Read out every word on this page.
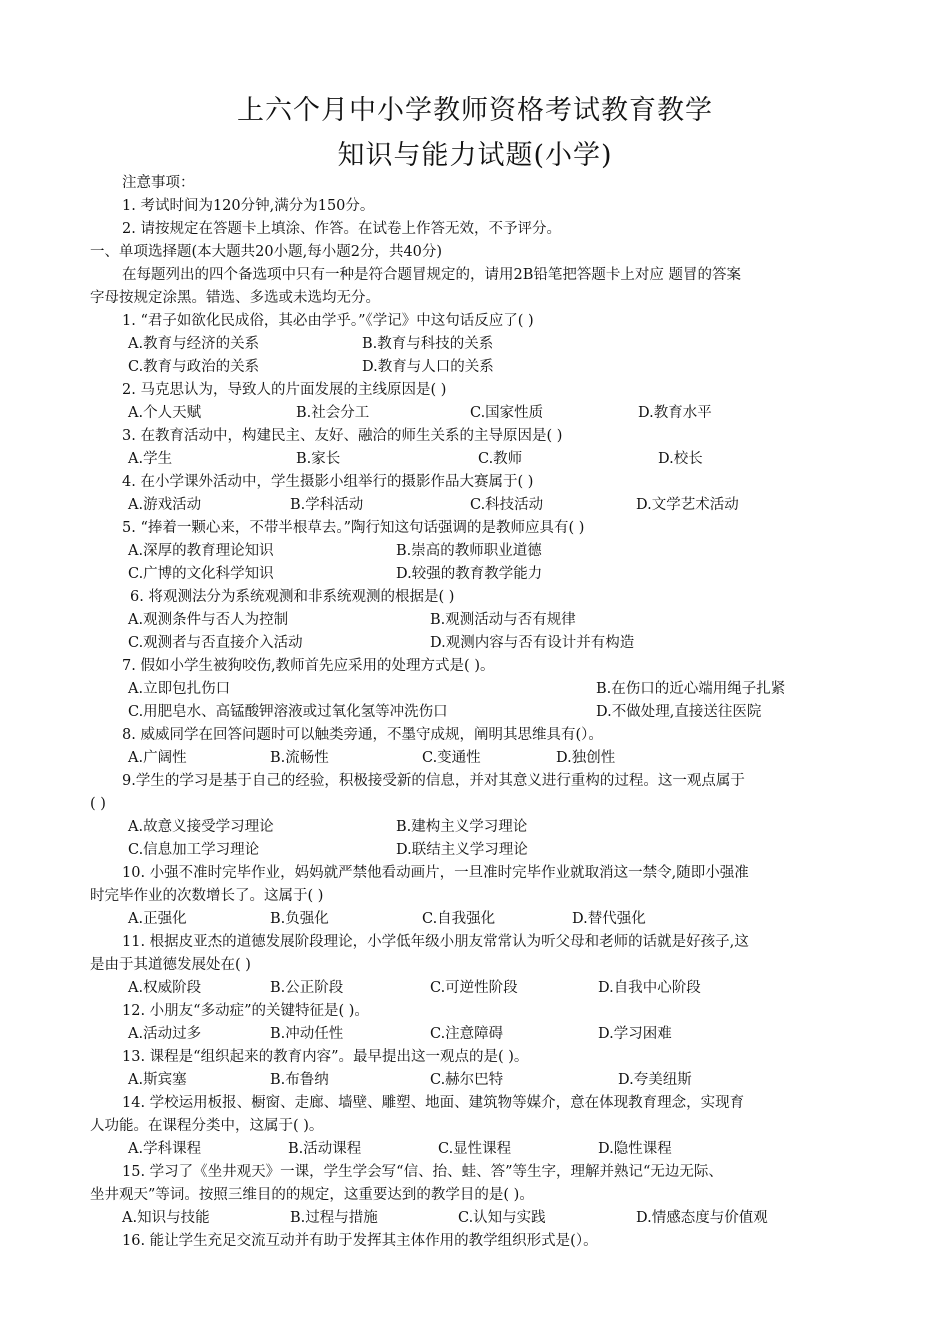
上六个月中小学教师资格考试教育教学
知识与能力试题(小学)
注意事项：
1. 考试时间为120分钟,满分为150分。
2. 请按规定在答题卡上填涂、作答。在试卷上作答无效，不予评分。
一、单项选择题(本大题共20小题,每小题2分，共40分)
在每题列出的四个备选项中只有一种是符合题冒规定的，请用2B铅笔把答题卡上对应 题冒的答案
字母按规定涂黑。错选、多选或未选均无分。
1. “君子如欲化民成俗，其必由学乎。”《学记》中这句话反应了( )
A.教育与经济的关系	B.教育与科技的关系
C.教育与政治的关系	D.教育与人口的关系
2. 马克思认为，导致人的片面发展的主线原因是( )
A.个人天赋	B.社会分工	C.国家性质	D.教育水平
3. 在教育活动中，构建民主、友好、融洽的师生关系的主导原因是( )
A.学生	B.家长	C.教师	D.校长
4. 在小学课外活动中，学生摄影小组举行的摄影作品大赛属于( )
A.游戏活动	B.学科活动	C.科技活动	D.文学艺术活动
5. “捧着一颗心来，不带半根草去。”陶行知这句话强调的是教师应具有( )
A.深厚的教育理论知识	B.崇高的教师职业道德
C.广博的文化科学知识	D.较强的教育教学能力
6. 将观测法分为系统观测和非系统观测的根据是( )
A.观测条件与否人为控制	B.观测活动与否有规律
C.观测者与否直接介入活动	D.观测内容与否有设计并有构造
7. 假如小学生被狗咬伤,教师首先应采用的处理方式是( )。
A.立即包扎伤口	B.在伤口的近心端用绳子扎紧
C.用肥皂水、高锰酸钾溶液或过氧化氢等冲洗伤口	D.不做处理,直接送往医院
8. 威威同学在回答问题时可以触类旁通，不墨守成规，阐明其思维具有(）。
A.广阔性	B.流畅性	C.变通性	D.独创性
9.学生的学习是基于自己的经验，积极接受新的信息，并对其意义进行重构的过程。这一观点属于
( )
A.故意义接受学习理论	B.建构主义学习理论
C.信息加工学习理论	D.联结主义学习理论
10. 小强不准时完毕作业，妈妈就严禁他看动画片，一旦准时完毕作业就取消这一禁令,随即小强准
时完毕作业的次数增长了。这属于( )
A.正强化	B.负强化	C.自我强化	D.替代强化
11. 根据皮亚杰的道德发展阶段理论，小学低年级小朋友常常认为听父母和老师的话就是好孩子,这
是由于其道德发展处在( )
A.权威阶段	B.公正阶段	C.可逆性阶段	D.自我中心阶段
12. 小朋友“多动症”的关键特征是( )。
A.活动过多	B.冲动任性	C.注意障碍	D.学习困难
13. 课程是“组织起来的教育内容”。最早提出这一观点的是( )。
A.斯宾塞	B.布鲁纳	C.赫尔巴特	D.夸美纽斯
14. 学校运用板报、橱窗、走廊、墙壁、雕塑、地面、建筑物等媒介，意在体现教育理念，实现育
人功能。在课程分类中，这属于( )。
A.学科课程	B.活动课程	C.显性课程	D.隐性课程
15. 学习了《坐井观天》一课，学生学会写“信、抬、蛙、答”等生字，理解并熟记“无边无际、
坐井观天”等词。按照三维目的的规定，这重要达到的教学目的是( )。
A.知识与技能	B.过程与措施	C.认知与实践	D.情感态度与价值观
16. 能让学生充足交流互动并有助于发挥其主体作用的教学组织形式是(）。
